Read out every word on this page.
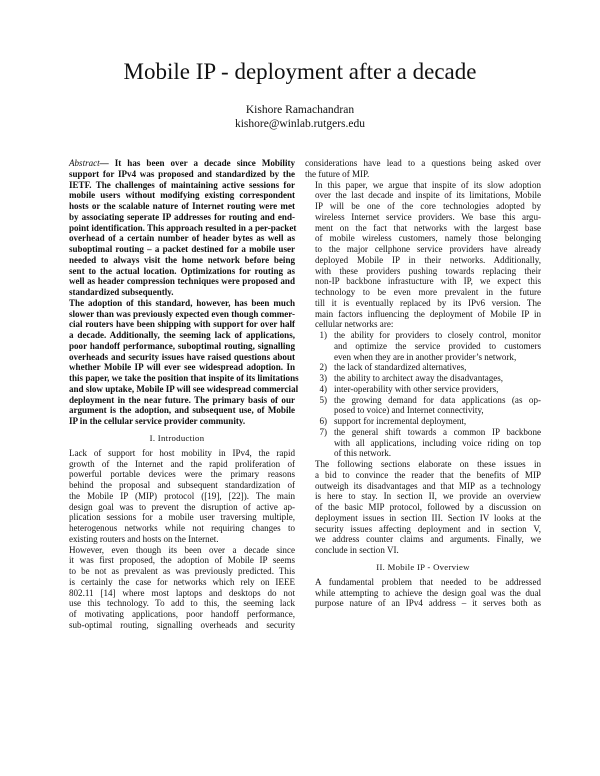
Mobile IP - deployment after a decade
Kishore Ramachandran
kishore@winlab.rutgers.edu
Abstract— It has been over a decade since Mobility
support for IPv4 was proposed and standardized by the
IETF. The challenges of maintaining active sessions for
mobile users without modifying existing correspondent
hosts or the scalable nature of Internet routing were met
by associating seperate IP addresses for routing and end-
point identification. This approach resulted in a per-packet
overhead of a certain number of header bytes as well as
suboptimal routing – a packet destined for a mobile user
needed to always visit the home network before being
sent to the actual location. Optimizations for routing as
well as header compression techniques were proposed and
standardized subsequently.
The adoption of this standard, however, has been much
slower than was previously expected even though commer-
cial routers have been shipping with support for over half
a decade. Additionally, the seeming lack of applications,
poor handoff performance, suboptimal routing, signalling
overheads and security issues have raised questions about
whether Mobile IP will ever see widespread adoption. In
this paper, we take the position that inspite of its limitations
and slow uptake, Mobile IP will see widespread commercial
deployment in the near future. The primary basis of our
argument is the adoption, and subsequent use, of Mobile
IP in the cellular service provider community.
I. Introduction
Lack of support for host mobility in IPv4, the rapid
growth of the Internet and the rapid proliferation of
powerful portable devices were the primary reasons
behind the proposal and subsequent standardization of
the Mobile IP (MIP) protocol ([19], [22]). The main
design goal was to prevent the disruption of active ap-
plication sessions for a mobile user traversing multiple,
heterogenous networks while not requiring changes to
existing routers and hosts on the Internet.
However, even though its been over a decade since
it was first proposed, the adoption of Mobile IP seems
to be not as prevalent as was previously predicted. This
is certainly the case for networks which rely on IEEE
802.11 [14] where most laptops and desktops do not
use this technology. To add to this, the seeming lack
of motivating applications, poor handoff performance,
sub-optimal routing, signalling overheads and security
considerations have lead to a questions being asked over
the future of MIP.
In this paper, we argue that inspite of its slow adoption
over the last decade and inspite of its limitations, Mobile
IP will be one of the core technologies adopted by
wireless Internet service providers. We base this argu-
ment on the fact that networks with the largest base
of mobile wireless customers, namely those belonging
to the major cellphone service providers have already
deployed Mobile IP in their networks. Additionally,
with these providers pushing towards replacing their
non-IP backbone infrastucture with IP, we expect this
technology to be even more prevalent in the future
till it is eventually replaced by its IPv6 version. The
main factors influencing the deployment of Mobile IP in
cellular networks are:
1) the ability for providers to closely control, monitor
and optimize the service provided to customers
even when they are in another provider’s network,
2) the lack of standardized alternatives,
3) the ability to architect away the disadvantages,
4) inter-operability with other service providers,
5) the growing demand for data applications (as op-
posed to voice) and Internet connectivity,
6) support for incremental deployment,
7) the general shift towards a common IP backbone
with all applications, including voice riding on top
of this network.
The following sections elaborate on these issues in
a bid to convince the reader that the benefits of MIP
outweigh its disadvantages and that MIP as a technology
is here to stay. In section II, we provide an overview
of the basic MIP protocol, followed by a discussion on
deployment issues in section III. Section IV looks at the
security issues affecting deployment and in section V,
we address counter claims and arguments. Finally, we
conclude in section VI.
II. Mobile IP - Overview
A fundamental problem that needed to be addressed
while attempting to achieve the design goal was the dual
purpose nature of an IPv4 address – it serves both as
